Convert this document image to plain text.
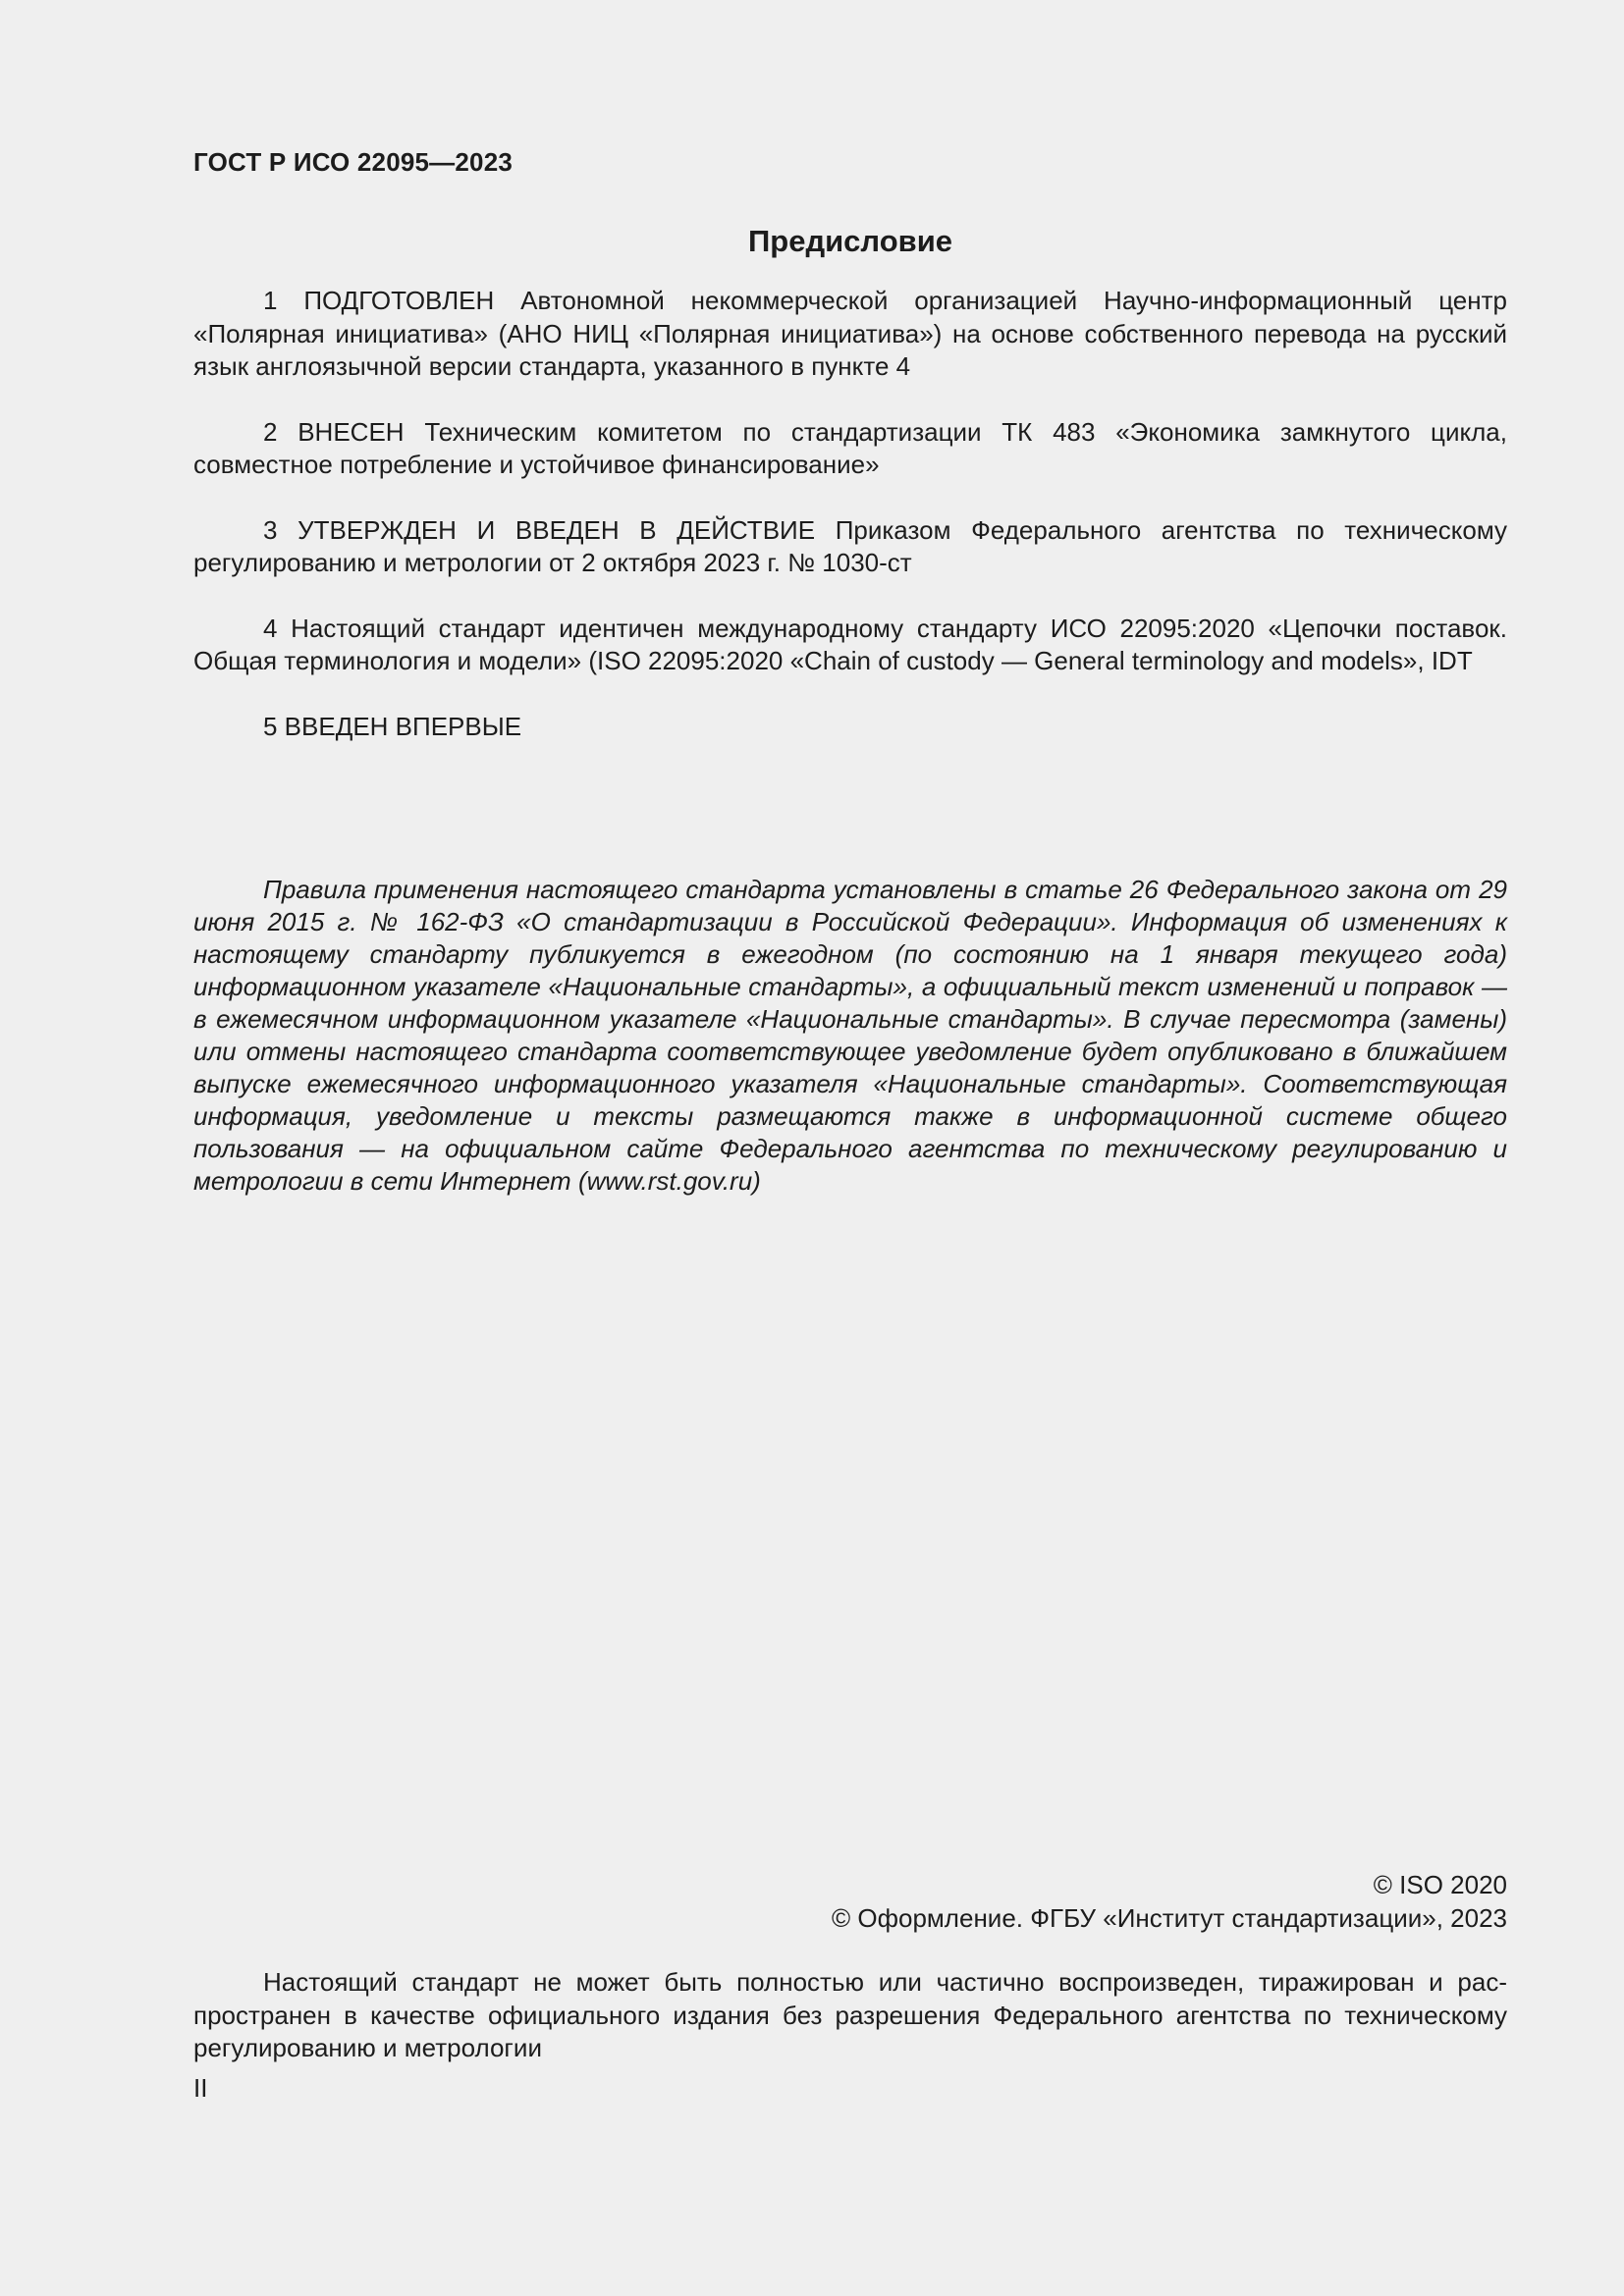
ГОСТ Р ИСО 22095—2023
Предисловие

1 ПОДГОТОВЛЕН Автономной некоммерческой организацией Научно-информационный центр «Полярная инициатива» (АНО НИЦ «Полярная инициатива») на основе собственного перевода на русский язык англоязычной версии стандарта, указанного в пункте 4

2 ВНЕСЕН Техническим комитетом по стандартизации ТК 483 «Экономика замкнутого цикла, совместное потребление и устойчивое финансирование»

3 УТВЕРЖДЕН И ВВЕДЕН В ДЕЙСТВИЕ Приказом Федерального агентства по техническому регулированию и метрологии от 2 октября 2023 г. № 1030-ст

4 Настоящий стандарт идентичен международному стандарту ИСО 22095:2020 «Цепочки поставок. Общая терминология и модели» (ISO 22095:2020 «Chain of custody — General terminology and models», IDT

5 ВВЕДЕН ВПЕРВЫЕ

Правила применения настоящего стандарта установлены в статье 26 Федерального закона от 29 июня 2015 г. № 162-ФЗ «О стандартизации в Российской Федерации». Информация об изменениях к настоящему стандарту публикуется в ежегодном (по состоянию на 1 января текущего года) информационном указателе «Национальные стандарты», а официальный текст изменений и поправок — в ежемесячном информационном указателе «Национальные стандарты». В случае пересмотра (замены) или отмены настоящего стандарта соответствующее уведомление будет опубликовано в ближайшем выпуске ежемесячного информационного указателя «Национальные стандарты». Соответствующая информация, уведомление и тексты размещаются также в информационной системе общего пользования — на официальном сайте Федерального агентства по техническому регулированию и метрологии в сети Интернет (www.rst.gov.ru)

© ISO 2020
© Оформление. ФГБУ «Институт стандартизации», 2023

Настоящий стандарт не может быть полностью или частично воспроизведен, тиражирован и распространен в качестве официального издания без разрешения Федерального агентства по техническому регулированию и метрологии

II
